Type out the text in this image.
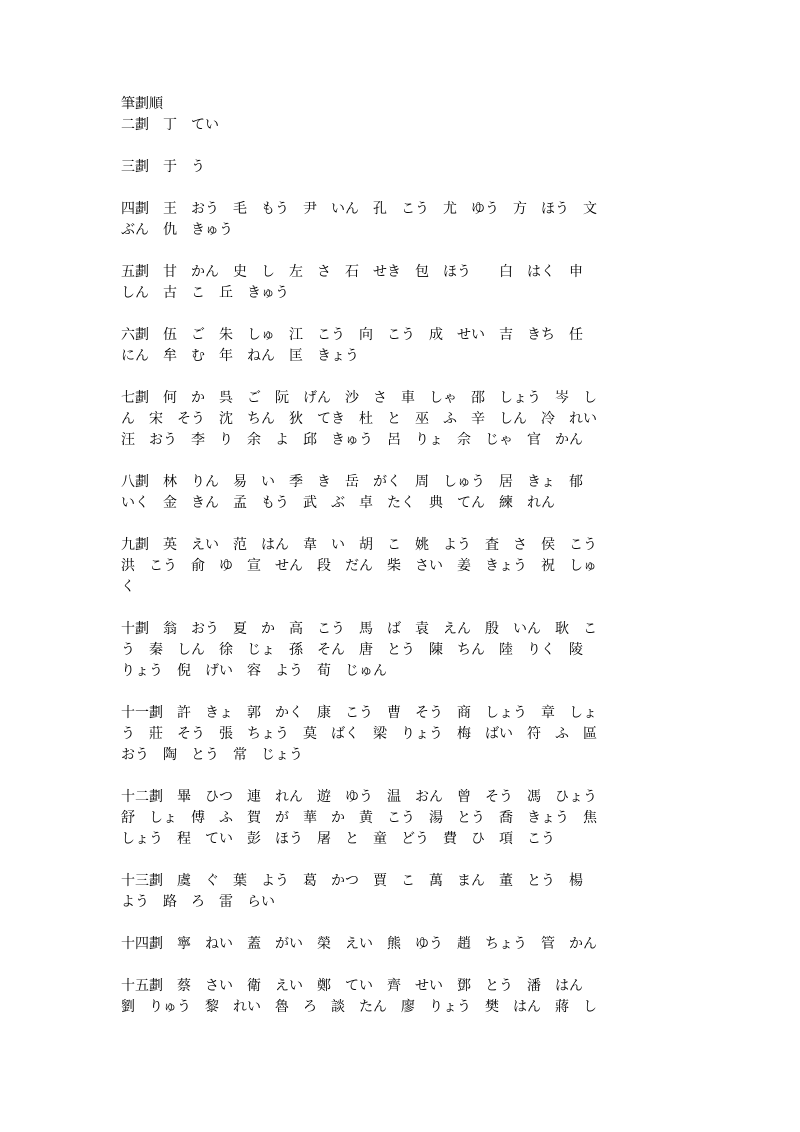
筆劃順
二劃　丁　てい
三劃　于　う
四劃　王　おう　毛　もう　尹　いん　孔　こう　尤　ゆう　方　ほう　文
ぶん　仇　きゅう
五劃　甘　かん　史　し　左　さ　石　せき　包　ほう　　白　はく　申
しん　古　こ　丘　きゅう
六劃　伍　ご　朱　しゅ　江　こう　向　こう　成　せい　吉　きち　任
にん　牟　む　年　ねん　匡　きょう
七劃　何　か　呉　ご　阮　げん　沙　さ　車　しゃ　邵　しょう　岑　し
ん　宋　そう　沈　ちん　狄　てき　杜　と　巫　ふ　辛　しん　冷　れい
汪　おう　李　り　余　よ　邱　きゅう　呂　りょ　佘　じゃ　官　かん
八劃　林　りん　易　い　季　き　岳　がく　周　しゅう　居　きょ　郁
いく　金　きん　孟　もう　武　ぶ　卓　たく　典　てん　練　れん
九劃　英　えい　范　はん　韋　い　胡　こ　姚　よう　査　さ　侯　こう
洪　こう　俞　ゆ　宣　せん　段　だん　柴　さい　姜　きょう　祝　しゅ
く
十劃　翁　おう　夏　か　高　こう　馬　ば　袁　えん　殷　いん　耿　こ
う　秦　しん　徐　じょ　孫　そん　唐　とう　陳　ちん　陸　りく　陵
りょう　倪　げい　容　よう　荀　じゅん
十一劃　許　きょ　郭　かく　康　こう　曹　そう　商　しょう　章　しょ
う　莊　そう　張　ちょう　莫　ばく　梁　りょう　梅　ばい　符　ふ　區
おう　陶　とう　常　じょう
十二劃　畢　ひつ　連　れん　遊　ゆう　温　おん　曾　そう　馮　ひょう
舒　しょ　傅　ふ　賀　が　華　か　黄　こう　湯　とう　喬　きょう　焦
しょう　程　てい　彭　ほう　屠　と　童　どう　費　ひ　項　こう
十三劃　虞　ぐ　葉　よう　葛　かつ　賈　こ　萬　まん　董　とう　楊
よう　路　ろ　雷　らい
十四劃　寧　ねい　蓋　がい　榮　えい　熊　ゆう　趙　ちょう　管　かん
十五劃　蔡　さい　衛　えい　鄭　てい　齊　せい　鄧　とう　潘　はん
劉　りゅう　黎　れい　魯　ろ　談　たん　廖　りょう　樊　はん　蔣　し
